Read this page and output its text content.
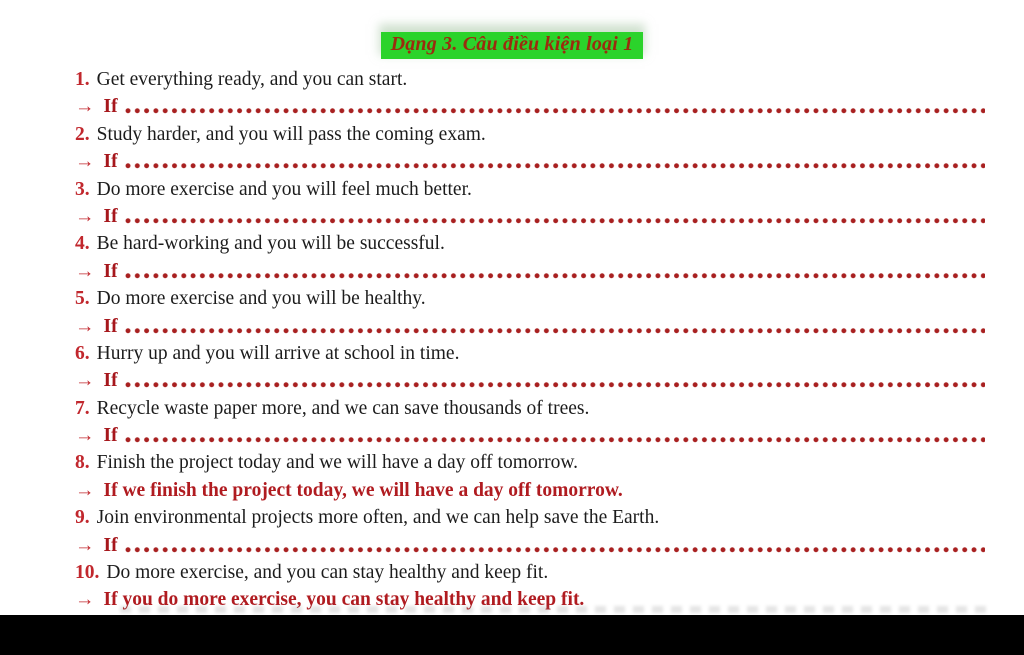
Dạng 3. Câu điều kiện loại 1
1. Get everything ready, and you can start.
→ If
2. Study harder, and you will pass the coming exam.
→ If
3. Do more exercise and you will feel much better.
→ If
4. Be hard-working and you will be successful.
→ If
5. Do more exercise and you will be healthy.
→ If
6. Hurry up and you will arrive at school in time.
→ If
7. Recycle waste paper more, and we can save thousands of trees.
→ If
8. Finish the project today and we will have a day off tomorrow.
→ If we finish the project today, we will have a day off tomorrow.
9. Join environmental projects more often, and we can help save the Earth.
→ If
10. Do more exercise, and you can stay healthy and keep fit.
→ If you do more exercise, you can stay healthy and keep fit.
